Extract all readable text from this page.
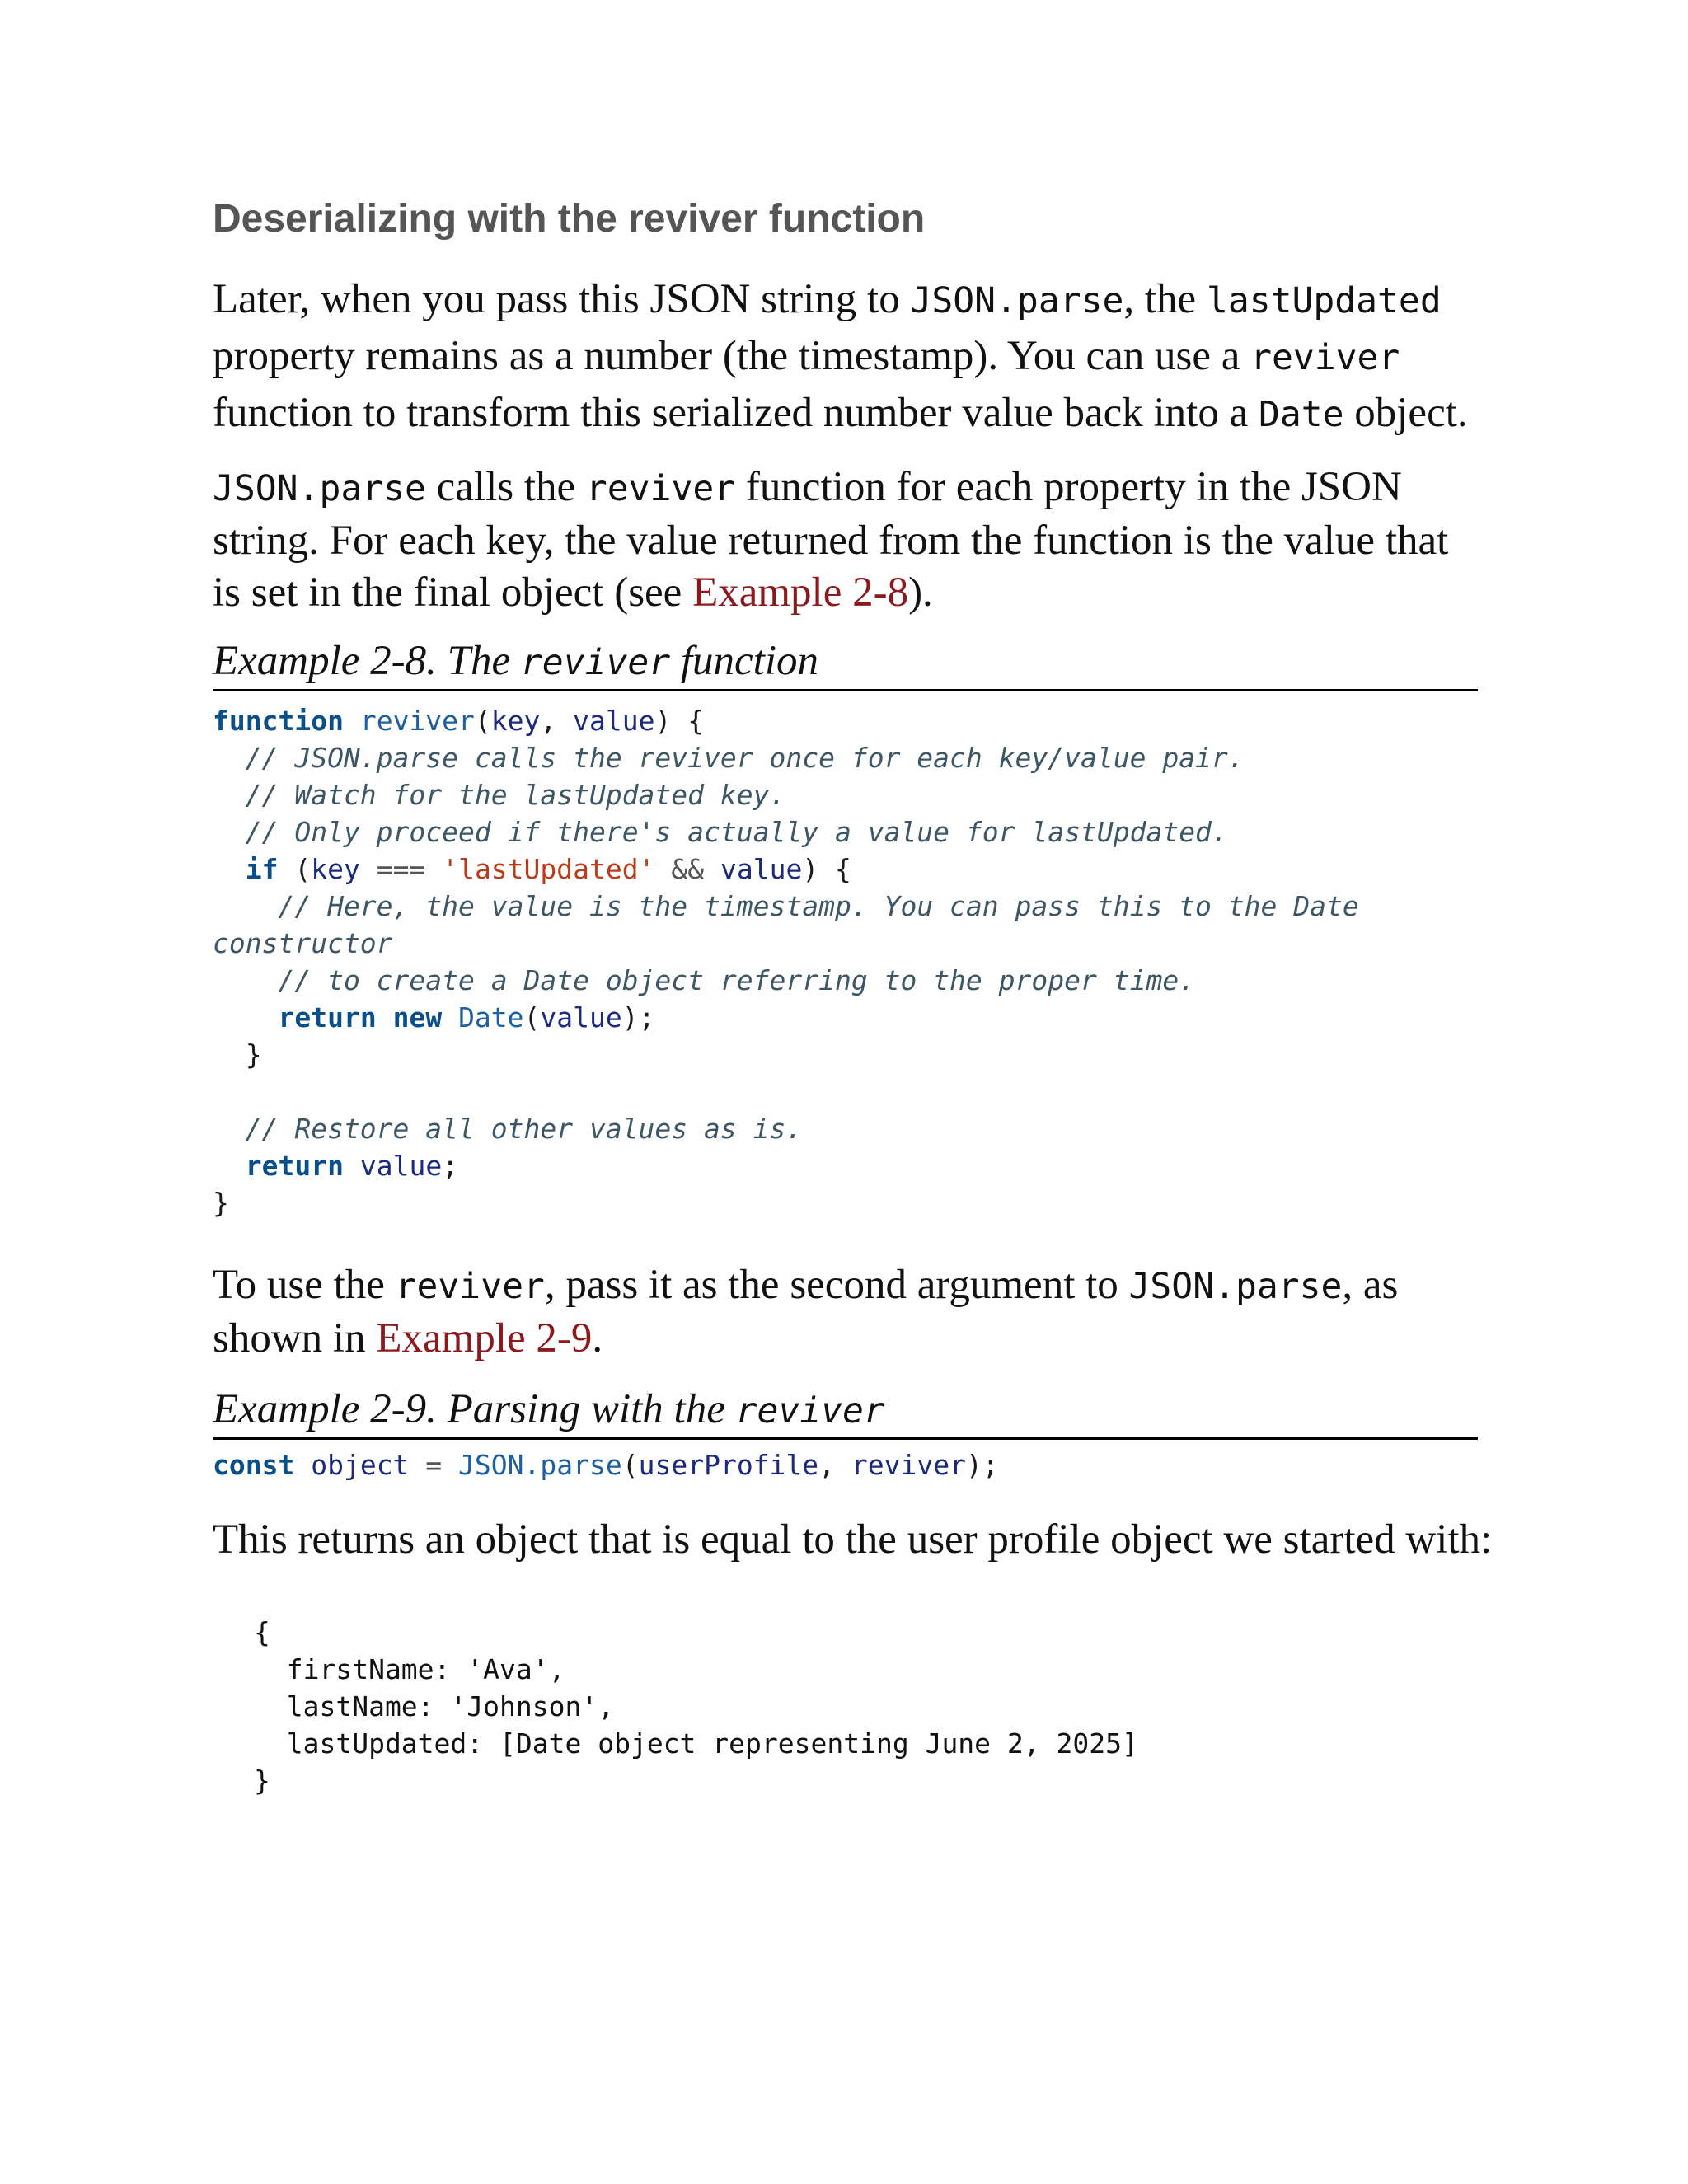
Deserializing with the reviver function

Later, when you pass this JSON string to JSON.parse, the lastUpdated property remains as a number (the timestamp). You can use a reviver function to transform this serialized number value back into a Date object.

JSON.parse calls the reviver function for each property in the JSON string. For each key, the value returned from the function is the value that is set in the final object (see Example 2-8).

Example 2-8. The reviver function
function reviver(key, value) {
// JSON.parse calls the reviver once for each key/value pair.
// Watch for the lastUpdated key.
// Only proceed if there's actually a value for lastUpdated.
if (key === 'lastUpdated' && value) {
// Here, the value is the timestamp. You can pass this to the Date
constructor
// to create a Date object referring to the proper time.
return new Date(value);
}

// Restore all other values as is.
return value;
}

To use the reviver, pass it as the second argument to JSON.parse, as shown in Example 2-9.

Example 2-9. Parsing with the reviver
const object = JSON.parse(userProfile, reviver);

This returns an object that is equal to the user profile object we started with:

{
firstName: 'Ava',
lastName: 'Johnson',
lastUpdated: [Date object representing June 2, 2025]
}
